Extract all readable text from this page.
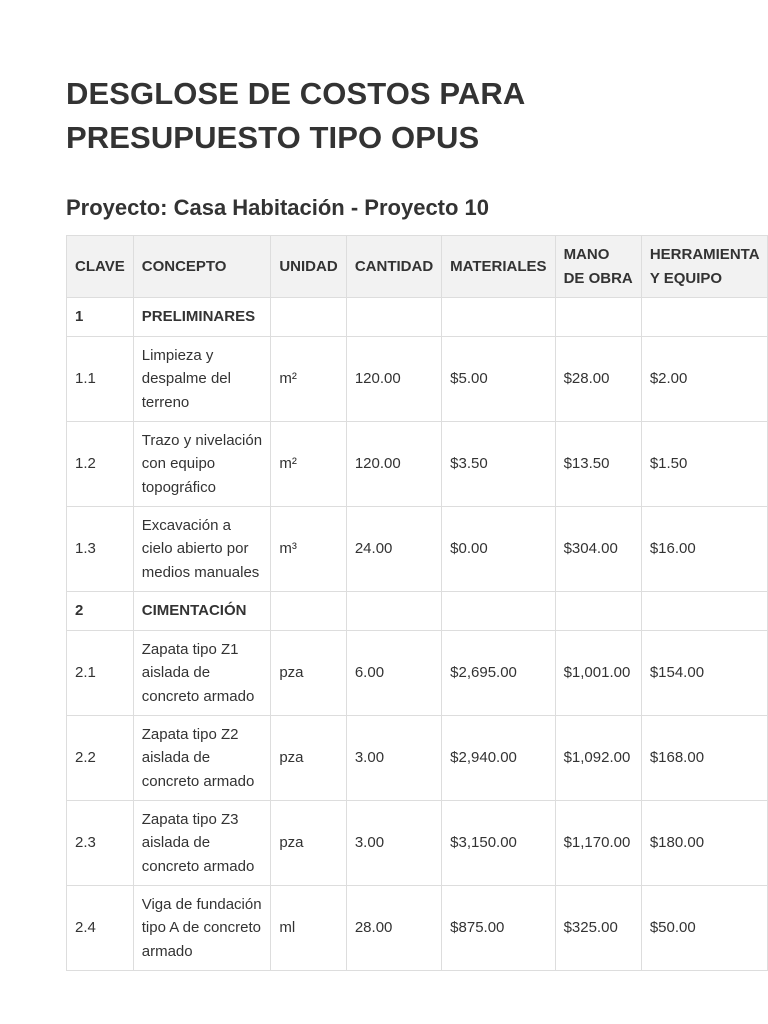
DESGLOSE DE COSTOS PARA PRESUPUESTO TIPO OPUS
Proyecto: Casa Habitación - Proyecto 10
CLAVE	CONCEPTO	UNIDAD	CANTIDAD	MATERIALES	MANO DE OBRA	HERRAMIENTA Y EQUIPO
1	PRELIMINARES					
1.1	Limpieza y despalme del terreno	m²	120.00	$5.00	$28.00	$2.00
1.2	Trazo y nivelación con equipo topográfico	m²	120.00	$3.50	$13.50	$1.50
1.3	Excavación a cielo abierto por medios manuales	m³	24.00	$0.00	$304.00	$16.00
2	CIMENTACIÓN					
2.1	Zapata tipo Z1 aislada de concreto armado	pza	6.00	$2,695.00	$1,001.00	$154.00
2.2	Zapata tipo Z2 aislada de concreto armado	pza	3.00	$2,940.00	$1,092.00	$168.00
2.3	Zapata tipo Z3 aislada de concreto armado	pza	3.00	$3,150.00	$1,170.00	$180.00
2.4	Viga de fundación tipo A de concreto armado	ml	28.00	$875.00	$325.00	$50.00
